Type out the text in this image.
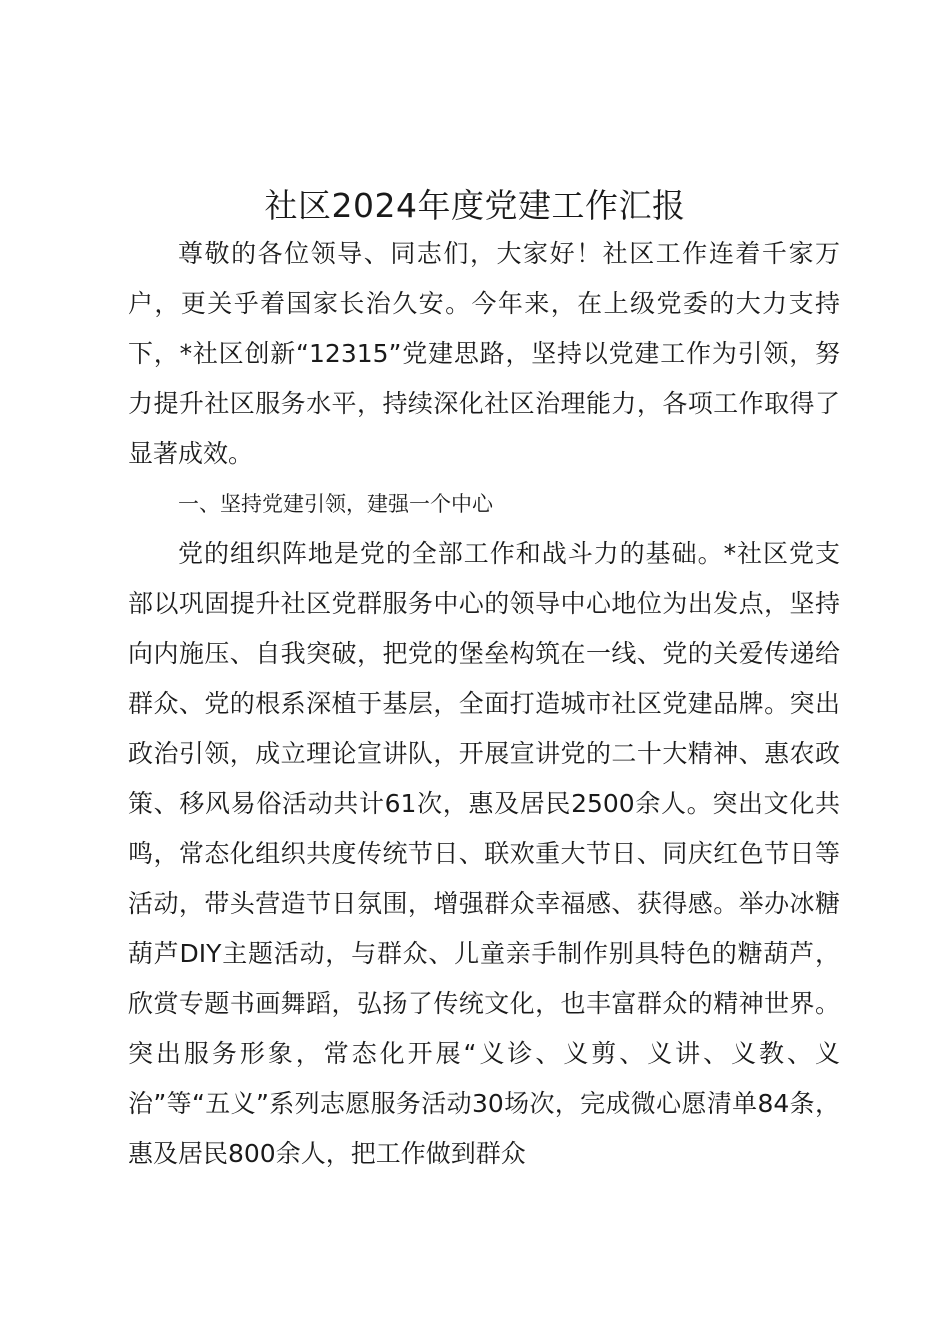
社区2024年度党建工作汇报

尊敬的各位领导、同志们，大家好！社区工作连着千家万户，更关乎着国家长治久安。今年来，在上级党委的大力支持下，*社区创新“12315”党建思路，坚持以党建工作为引领，努力提升社区服务水平，持续深化社区治理能力，各项工作取得了显著成效。

一、坚持党建引领，建强一个中心

党的组织阵地是党的全部工作和战斗力的基础。*社区党支部以巩固提升社区党群服务中心的领导中心地位为出发点，坚持向内施压、自我突破，把党的堡垒构筑在一线、党的关爱传递给群众、党的根系深植于基层，全面打造城市社区党建品牌。突出政治引领，成立理论宣讲队，开展宣讲党的二十大精神、惠农政策、移风易俗活动共计61次，惠及居民2500余人。突出文化共鸣，常态化组织共度传统节日、联欢重大节日、同庆红色节日等活动，带头营造节日氛围，增强群众幸福感、获得感。举办冰糖葫芦DIY主题活动，与群众、儿童亲手制作别具特色的糖葫芦，欣赏专题书画舞蹈，弘扬了传统文化，也丰富群众的精神世界。突出服务形象，常态化开展“义诊、义剪、义讲、义教、义治”等“五义”系列志愿服务活动30场次，完成微心愿清单84条，惠及居民800余人，把工作做到群众
